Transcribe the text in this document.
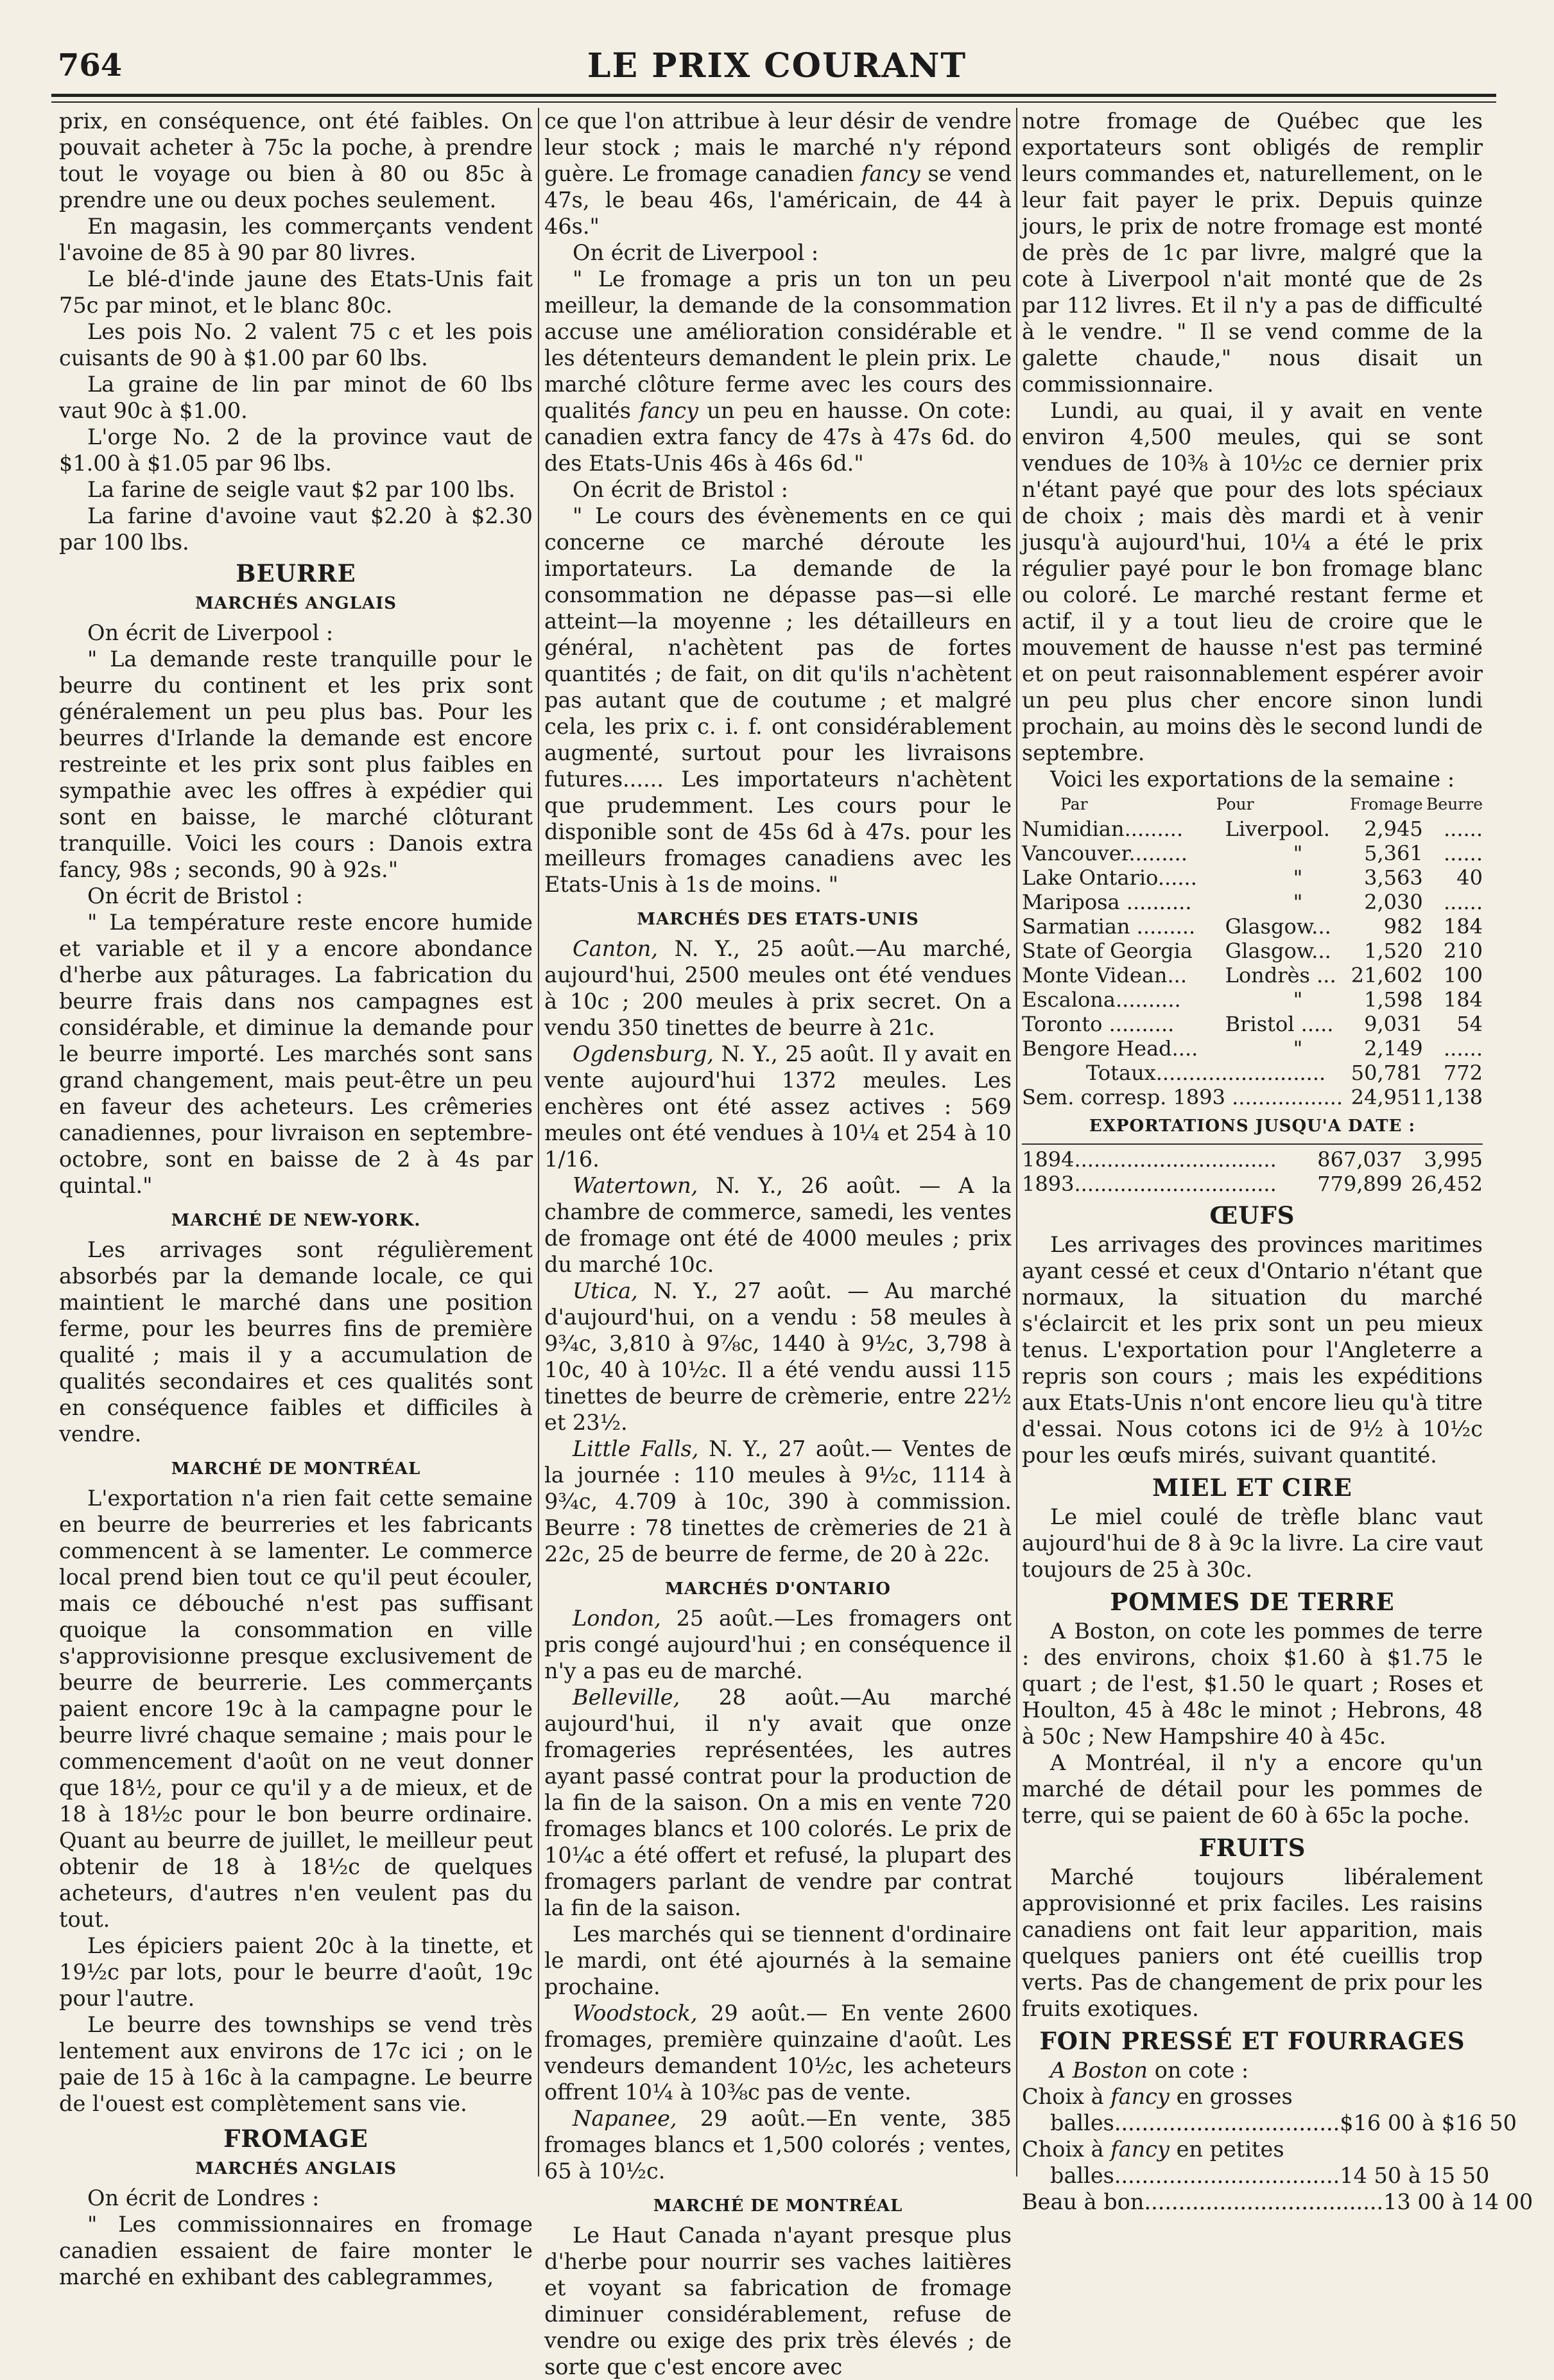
764	LE PRIX COURANT

prix, en conséquence, ont été faibles. On pouvait acheter à 75c la poche, à prendre tout le voyage ou bien à 80 ou 85c à prendre une ou deux poches seulement.

En magasin, les commerçants vendent l'avoine de 85 à 90 par 80 livres.

Le blé-d'inde jaune des Etats-Unis fait 75c par minot, et le blanc 80c.

Les pois No. 2 valent 75 c et les pois cuisants de 90 à $1.00 par 60 lbs.

La graine de lin par minot de 60 lbs vaut 90c à $1.00.

L'orge No. 2 de la province vaut de $1.00 à $1.05 par 96 lbs.

La farine de seigle vaut $2 par 100 lbs.

La farine d'avoine vaut $2.20 à $2.30 par 100 lbs.

BEURRE
MARCHÉS ANGLAIS

On écrit de Liverpool :

" La demande reste tranquille pour le beurre du continent et les prix sont généralement un peu plus bas. Pour les beurres d'Irlande la demande est encore restreinte et les prix sont plus faibles en sympathie avec les offres à expédier qui sont en baisse, le marché clôturant tranquille. Voici les cours : Danois extra fancy, 98s ; seconds, 90 à 92s."

On écrit de Bristol :

" La température reste encore humide et variable et il y a encore abondance d'herbe aux pâturages. La fabrication du beurre frais dans nos campagnes est considérable, et diminue la demande pour le beurre importé. Les marchés sont sans grand changement, mais peut-être un peu en faveur des acheteurs. Les crêmeries canadiennes, pour livraison en septembre-octobre, sont en baisse de 2 à 4s par quintal."

MARCHÉ DE NEW-YORK.

Les arrivages sont régulièrement absorbés par la demande locale, ce qui maintient le marché dans une position ferme, pour les beurres fins de première qualité ; mais il y a accumulation de qualités secondaires et ces qualités sont en conséquence faibles et difficiles à vendre.

MARCHÉ DE MONTRÉAL

L'exportation n'a rien fait cette semaine en beurre de beurreries et les fabricants commencent à se lamenter. Le commerce local prend bien tout ce qu'il peut écouler, mais ce débouché n'est pas suffisant quoique la consommation en ville s'approvisionne presque exclusivement de beurre de beurrerie. Les commerçants paient encore 19c à la campagne pour le beurre livré chaque semaine ; mais pour le commencement d'août on ne veut donner que 18½, pour ce qu'il y a de mieux, et de 18 à 18½c pour le bon beurre ordinaire. Quant au beurre de juillet, le meilleur peut obtenir de 18 à 18½c de quelques acheteurs, d'autres n'en veulent pas du tout.

Les épiciers paient 20c à la tinette, et 19½c par lots, pour le beurre d'août, 19c pour l'autre.

Le beurre des townships se vend très lentement aux environs de 17c ici ; on le paie de 15 à 16c à la campagne. Le beurre de l'ouest est complètement sans vie.

FROMAGE
MARCHÉS ANGLAIS

On écrit de Londres :

" Les commissionnaires en fromage canadien essaient de faire monter le marché en exhibant des cablegrammes,

ce que l'on attribue à leur désir de vendre leur stock ; mais le marché n'y répond guère. Le fromage canadien fancy se vend 47s, le beau 46s, l'américain, de 44 à 46s."

On écrit de Liverpool :

" Le fromage a pris un ton un peu meilleur, la demande de la consommation accuse une amélioration considérable et les détenteurs demandent le plein prix. Le marché clôture ferme avec les cours des qualités fancy un peu en hausse. On cote: canadien extra fancy de 47s à 47s 6d. do des Etats-Unis 46s à 46s 6d."

On écrit de Bristol :

" Le cours des évènements en ce qui concerne ce marché déroute les importateurs. La demande de la consommation ne dépasse pas—si elle atteint—la moyenne ; les détailleurs en général, n'achètent pas de fortes quantités ; de fait, on dit qu'ils n'achètent pas autant que de coutume ; et malgré cela, les prix c. i. f. ont considérablement augmenté, surtout pour les livraisons futures...... Les importateurs n'achètent que prudemment. Les cours pour le disponible sont de 45s 6d à 47s. pour les meilleurs fromages canadiens avec les Etats-Unis à 1s de moins. "

MARCHÉS DES ETATS-UNIS

Canton, N. Y., 25 août.—Au marché, aujourd'hui, 2500 meules ont été vendues à 10c ; 200 meules à prix secret. On a vendu 350 tinettes de beurre à 21c.

Ogdensburg, N. Y., 25 août. Il y avait en vente aujourd'hui 1372 meules. Les enchères ont été assez actives : 569 meules ont été vendues à 10¼ et 254 à 10 1/16.

Watertown, N. Y., 26 août. — A la chambre de commerce, samedi, les ventes de fromage ont été de 4000 meules ; prix du marché 10c.

Utica, N. Y., 27 août. — Au marché d'aujourd'hui, on a vendu : 58 meules à 9¾c, 3,810 à 9⅞c, 1440 à 9½c, 3,798 à 10c, 40 à 10½c. Il a été vendu aussi 115 tinettes de beurre de crèmerie, entre 22½ et 23½.

Little Falls, N. Y., 27 août.— Ventes de la journée : 110 meules à 9½c, 1114 à 9¾c, 4.709 à 10c, 390 à commission. Beurre : 78 tinettes de crèmeries de 21 à 22c, 25 de beurre de ferme, de 20 à 22c.

MARCHÉS D'ONTARIO

London, 25 août.—Les fromagers ont pris congé aujourd'hui ; en conséquence il n'y a pas eu de marché.

Belleville, 28 août.—Au marché aujourd'hui, il n'y avait que onze fromageries représentées, les autres ayant passé contrat pour la production de la fin de la saison. On a mis en vente 720 fromages blancs et 100 colorés. Le prix de 10¼c a été offert et refusé, la plupart des fromagers parlant de vendre par contrat la fin de la saison.

Les marchés qui se tiennent d'ordinaire le mardi, ont été ajournés à la semaine prochaine.

Woodstock, 29 août.— En vente 2600 fromages, première quinzaine d'août. Les vendeurs demandent 10½c, les acheteurs offrent 10¼ à 10⅜c pas de vente.

Napanee, 29 août.—En vente, 385 fromages blancs et 1,500 colorés ; ventes, 65 à 10½c.

MARCHÉ DE MONTRÉAL

Le Haut Canada n'ayant presque plus d'herbe pour nourrir ses vaches laitières et voyant sa fabrication de fromage diminuer considérablement, refuse de vendre ou exige des prix très élevés ; de sorte que c'est encore avec

notre fromage de Québec que les exportateurs sont obligés de remplir leurs commandes et, naturellement, on le leur fait payer le prix. Depuis quinze jours, le prix de notre fromage est monté de près de 1c par livre, malgré que la cote à Liverpool n'ait monté que de 2s par 112 livres. Et il n'y a pas de difficulté à le vendre. " Il se vend comme de la galette chaude," nous disait un commissionnaire.

Lundi, au quai, il y avait en vente environ 4,500 meules, qui se sont vendues de 10⅜ à 10½c ce dernier prix n'étant payé que pour des lots spéciaux de choix ; mais dès mardi et à venir jusqu'à aujourd'hui, 10¼ a été le prix régulier payé pour le bon fromage blanc ou coloré. Le marché restant ferme et actif, il y a tout lieu de croire que le mouvement de hausse n'est pas terminé et on peut raisonnablement espérer avoir un peu plus cher encore sinon lundi prochain, au moins dès le second lundi de septembre.

Voici les exportations de la semaine :

Par	Pour	Fromage	Beurre
Numidian.........	Liverpool.	2,945	......
Vancouver.........	"	5,361	......
Lake Ontario......	"	3,563	40
Mariposa ..........	"	2,030	......
Sarmatian .........	Glasgow...	982	184
State of Georgia	Glasgow...	1,520	210
Monte Videan...	Londrès ...	21,602	100
Escalona..........	"	1,598	184
Toronto ..........	Bristol .....	9,031	54
Bengore Head....	"	2,149	......
Totaux..........................		50,781	772
Sem. corresp. 1893 .................		24,951	1,138
EXPORTATIONS JUSQU'A DATE :
1894...............................	867,037	3,995
1893...............................	779,899	26,452
ŒUFS

Les arrivages des provinces maritimes ayant cessé et ceux d'Ontario n'étant que normaux, la situation du marché s'éclaircit et les prix sont un peu mieux tenus. L'exportation pour l'Angleterre a repris son cours ; mais les expéditions aux Etats-Unis n'ont encore lieu qu'à titre d'essai. Nous cotons ici de 9½ à 10½c pour les œufs mirés, suivant quantité.

MIEL ET CIRE

Le miel coulé de trèfle blanc vaut aujourd'hui de 8 à 9c la livre. La cire vaut toujours de 25 à 30c.

POMMES DE TERRE

A Boston, on cote les pommes de terre : des environs, choix $1.60 à $1.75 le quart ; de l'est, $1.50 le quart ; Roses et Houlton, 45 à 48c le minot ; Hebrons, 48 à 50c ; New Hampshire 40 à 45c.

A Montréal, il n'y a encore qu'un marché de détail pour les pommes de terre, qui se paient de 60 à 65c la poche.

FRUITS

Marché toujours libéralement approvisionné et prix faciles. Les raisins canadiens ont fait leur apparition, mais quelques paniers ont été cueillis trop verts. Pas de changement de prix pour les fruits exotiques.

FOIN PRESSÉ ET FOURRAGES

A Boston on cote :

Choix à fancy en grosses
balles................................. $16 00 à $16 50
Choix à fancy en petites
balles................................. 14 50 à 15 50
Beau à bon................................... 13 00 à 14 00
